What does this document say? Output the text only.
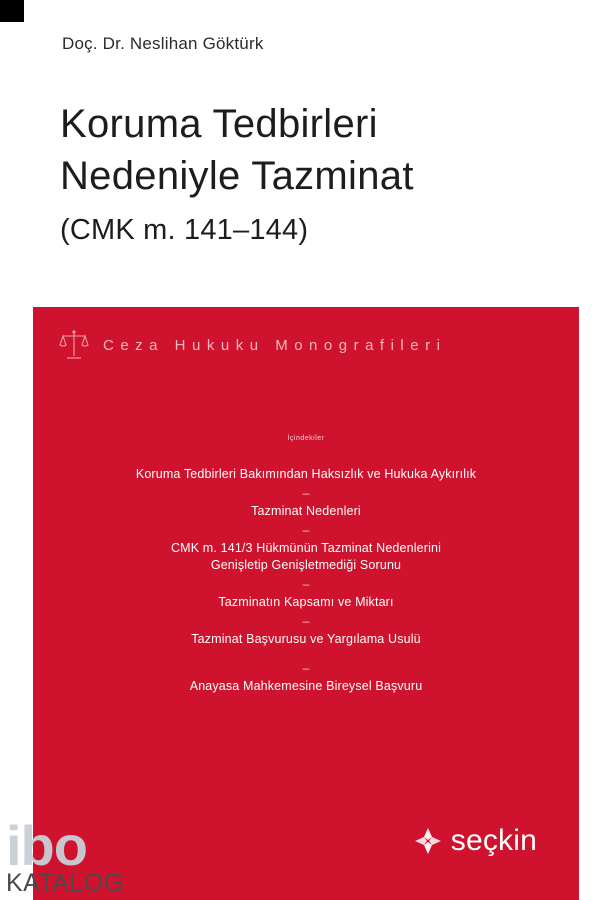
Doç. Dr. Neslihan Göktürk
Koruma Tedbirleri
Nedeniyle Tazminat
(CMK m. 141–144)
Ceza Hukuku Monografileri
İçindekiler
Koruma Tedbirleri Bakımından Haksızlık ve Hukuka Aykırılık
–
Tazminat Nedenleri
–
CMK m. 141/3 Hükmünün Tazminat Nedenlerini
Genişletip Genişletmediği Sorunu
–
Tazminatın Kapsamı ve Miktarı
–
Tazminat Başvurusu ve Yargılama Usulü
–
Anayasa Mahkemesine Bireysel Başvuru
seçkin
ibo
KATALOG
